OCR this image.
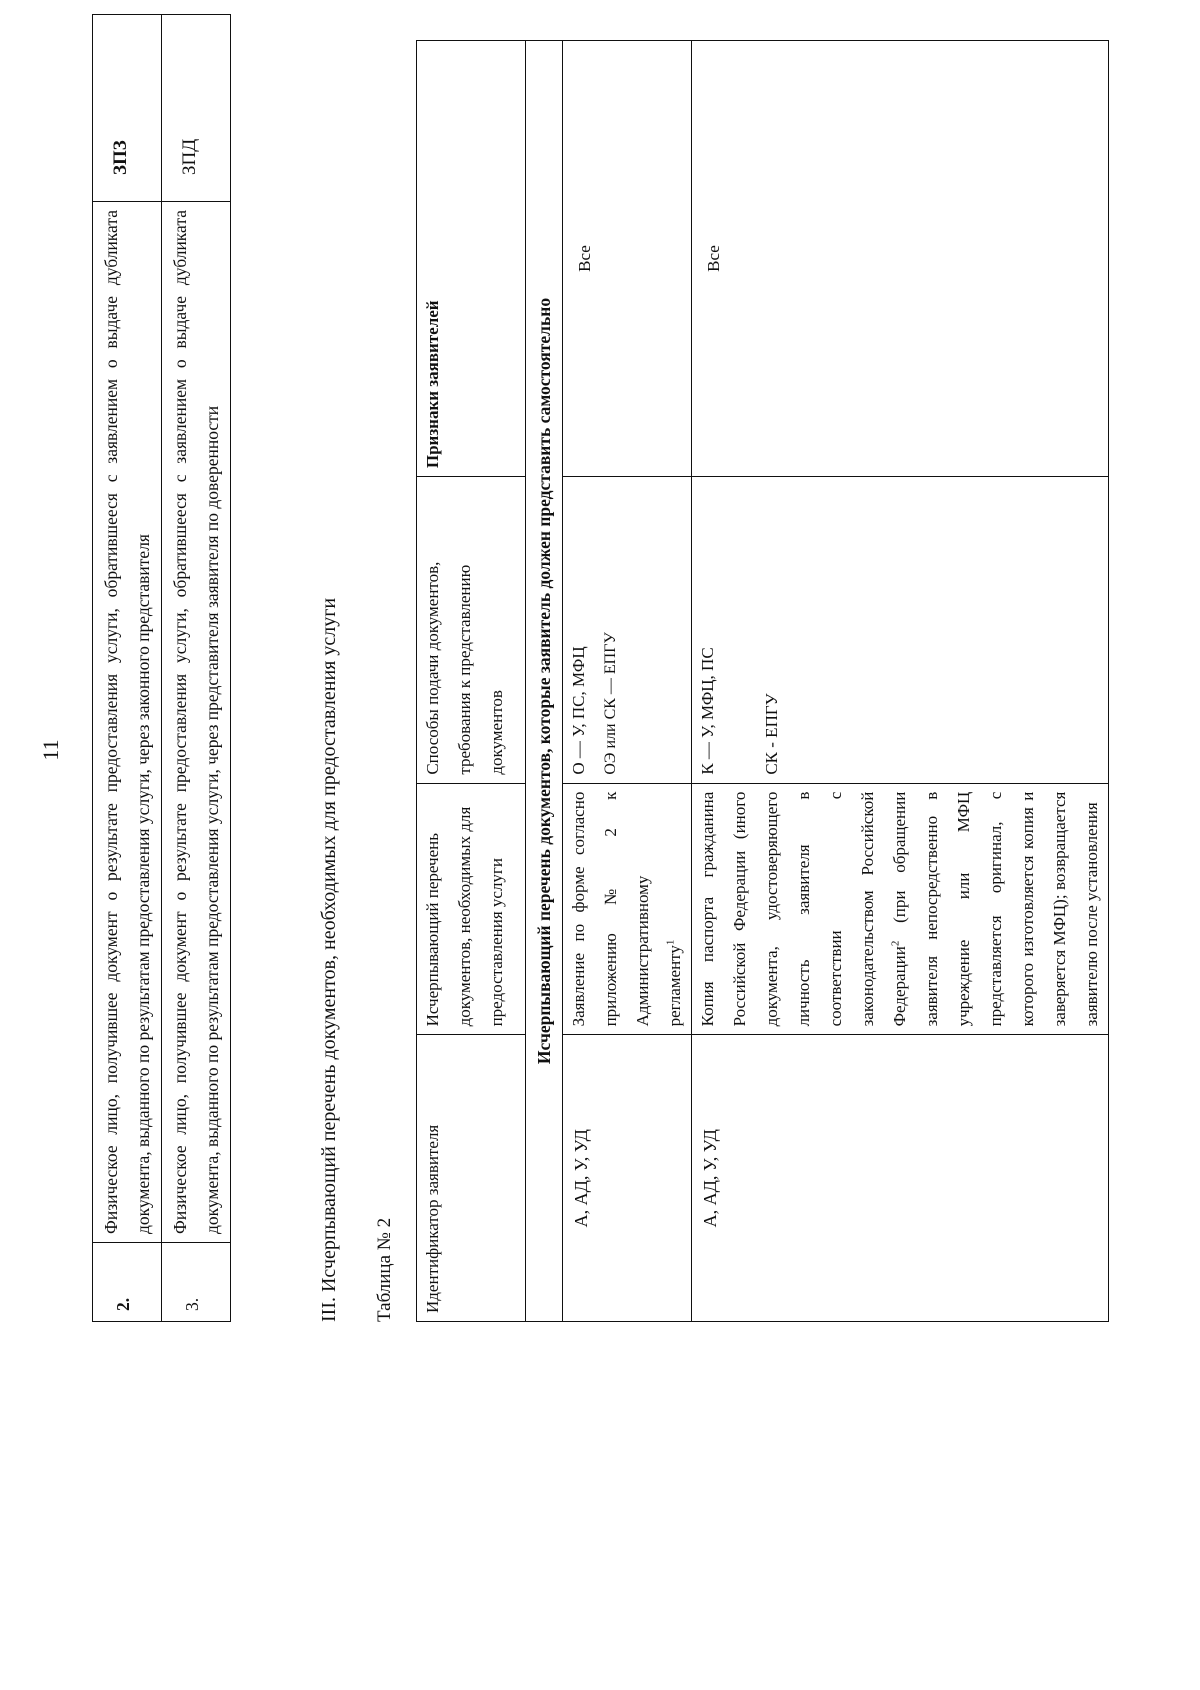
11
2.	Физическое лицо, получившее документ о результате предоставления услуги, обратившееся с заявлением о выдаче дубликата документа, выданного по результатам предоставления услуги, через законного представителя	ЗПЗ
3.	Физическое лицо, получившее документ о результате предоставления услуги, обратившееся с заявлением о выдаче дубликата документа, выданного по результатам предоставления услуги, через представителя заявителя по доверенности	ЗПД
III. Исчерпывающий перечень документов, необходимых для предоставления услуги Таблица № 2 Идентификатор заявителя	Исчерпывающий перечень документов, необходимых для предоставления услуги	Способы подачи документов, требования к представлению документов	Признаки заявителей
Исчерпывающий перечень документов, которые заявитель должен представить самостоятельно			
А, АД, У, УД	Заявление по форме согласно приложению № 2 к Административному регламенту$^1$	О — У, ПС, МФЦ ОЭ или СК — ЕПГУ	Все
А, АД, У, УД	Копия паспорта гражданина Российской Федерации (иного документа, удостоверяющего личность заявителя в соответствии с законодательством Российской Федерации$^2$ (при обращении заявителя непосредственно в учреждение или МФЦ представляется оригинал, с которого изготовляется копия и заверяется МФЦ); возвращается заявителю после установления	К — У, МФЦ, ПС СК - ЕПГУ	Все
